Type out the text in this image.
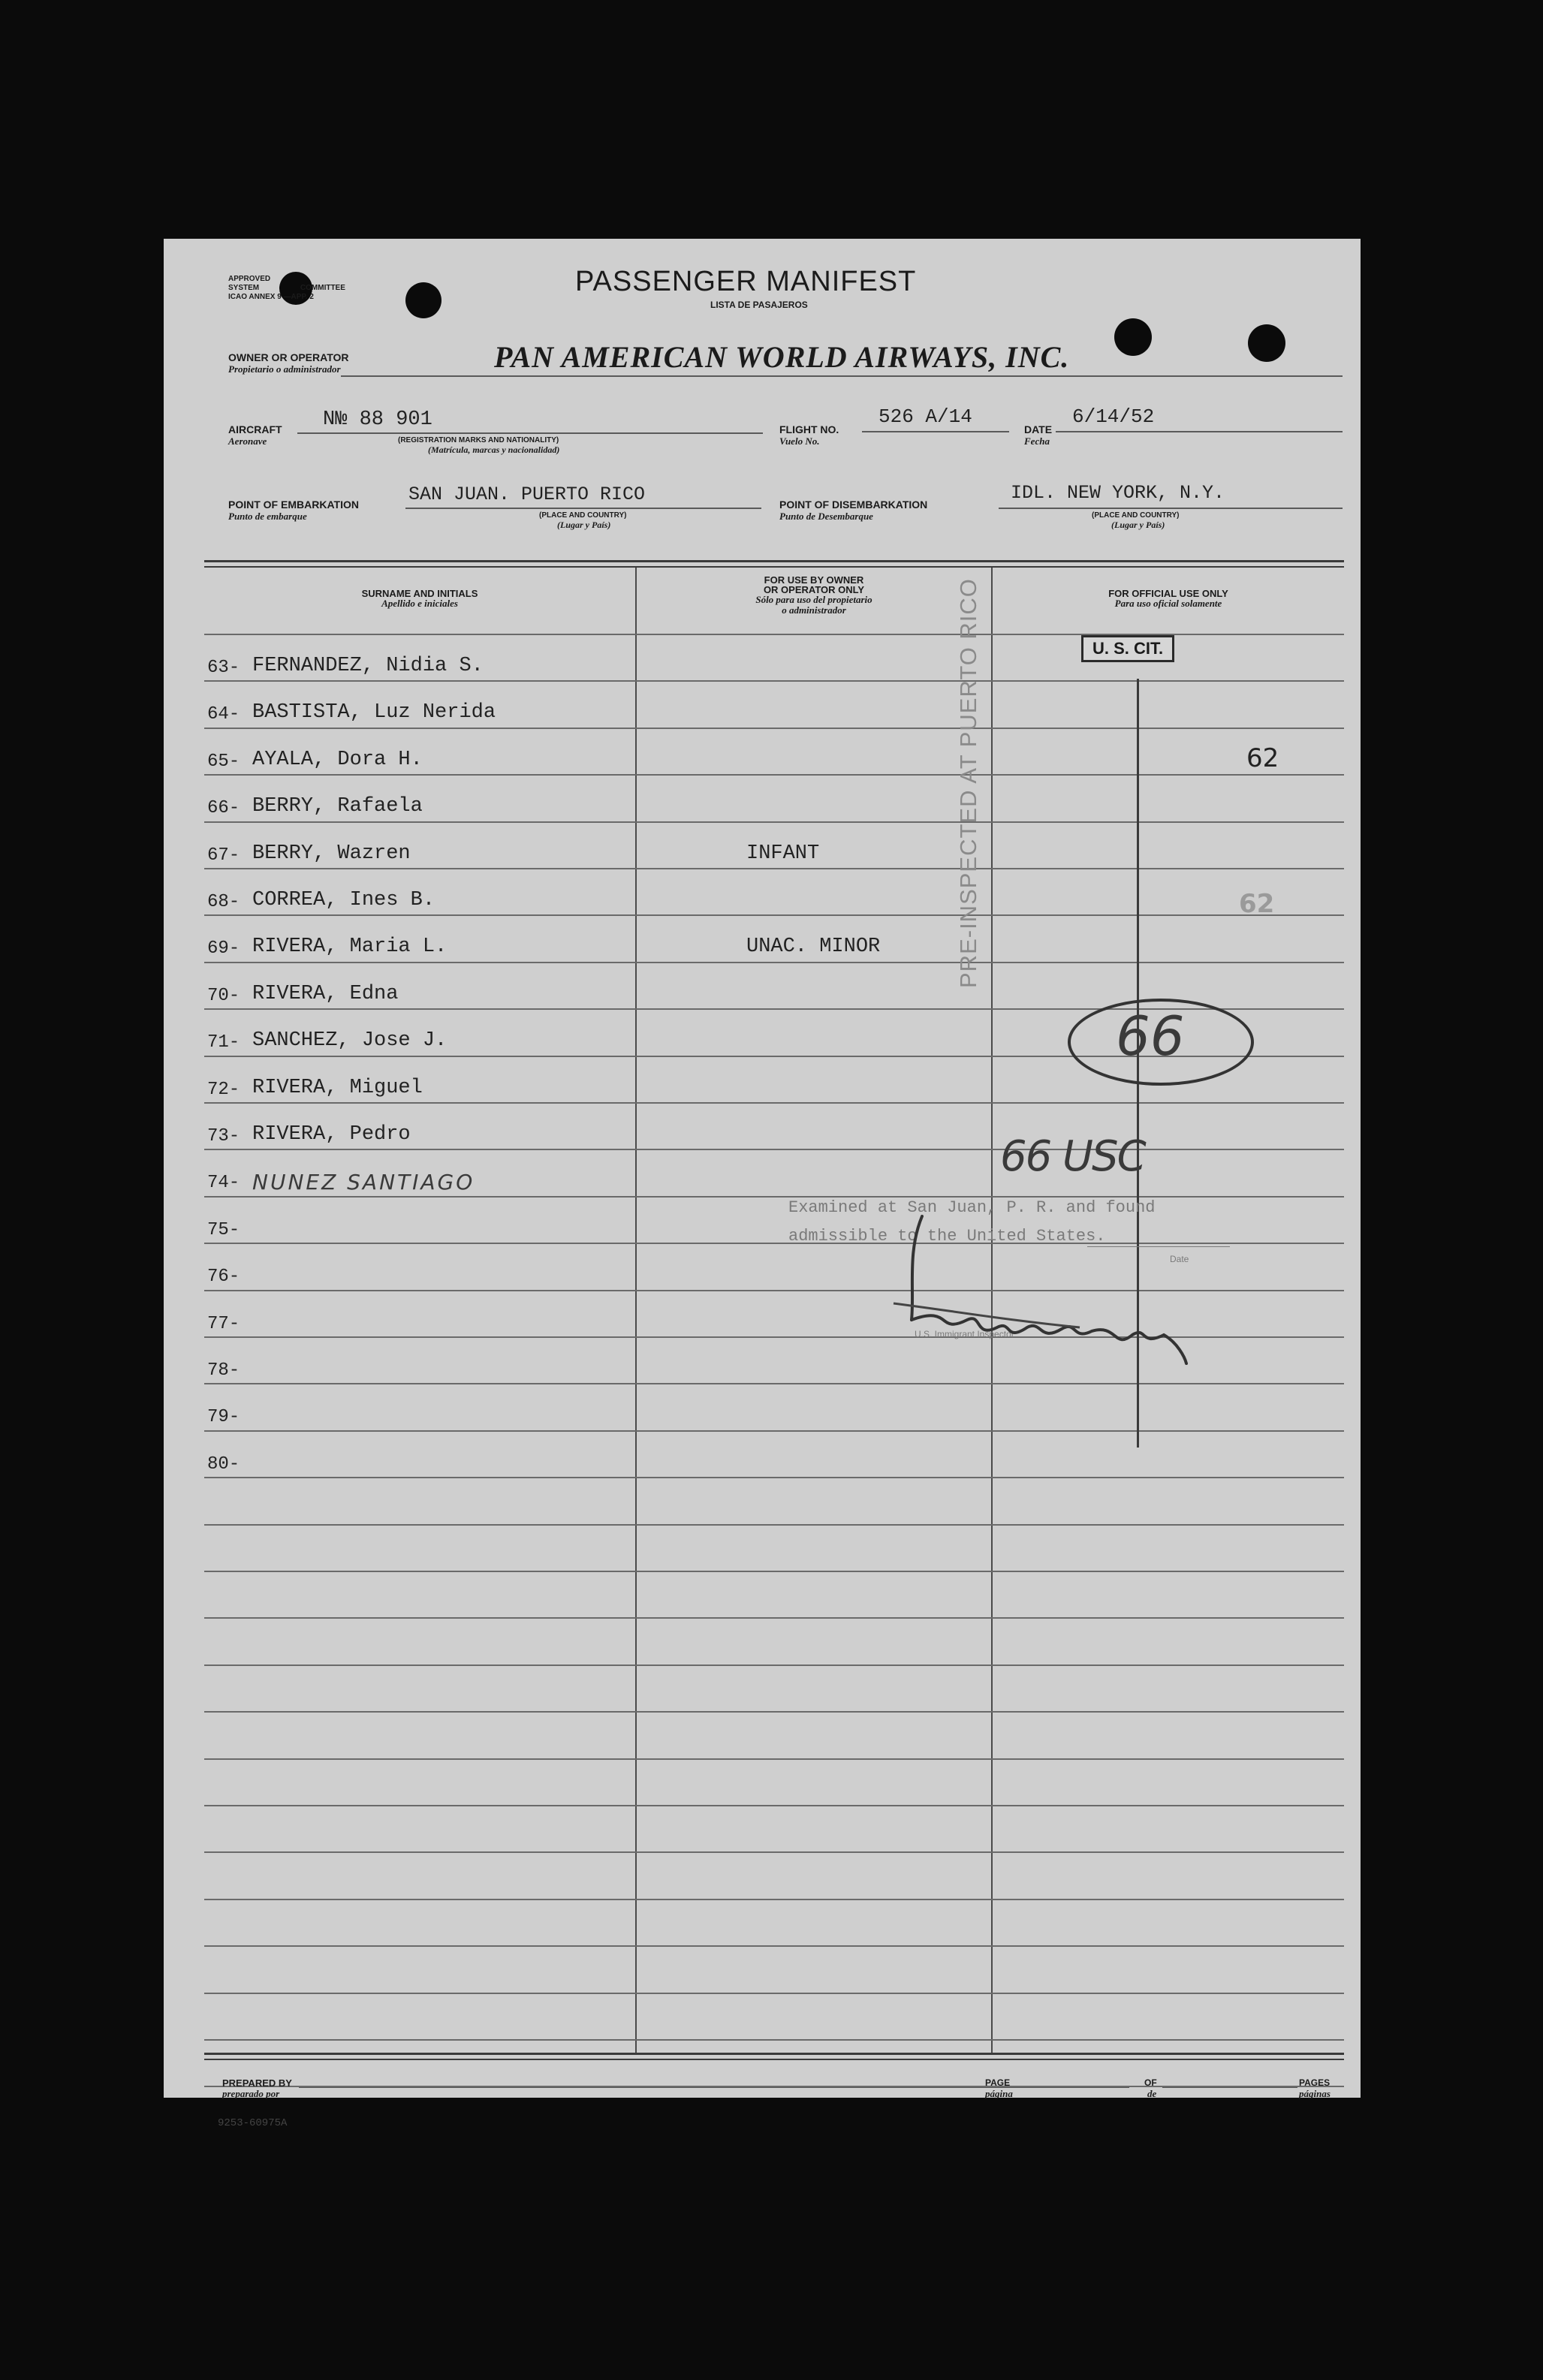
APPROVED
SYSTEM	COMMITTEE
ICAO ANNEX 9 —APP. 2	PASSENGER MANIFEST
LISTA DE PASAJEROS
OWNER OR OPERATOR
Propietario o administrador	PAN AMERICAN WORLD AIRWAYS, INC.
AIRCRAFT
Aeronave
N№ 88 901
(REGISTRATION MARKS AND NATIONALITY)
(Matrícula, marcas y nacionalidad)
FLIGHT NO.
Vuelo No.
526 A/14
DATE
Fecha
6/14/52
POINT OF EMBARKATION
Punto de embarque
SAN JUAN. PUERTO RICO
(PLACE AND COUNTRY)
(Lugar y País)
POINT OF DISEMBARKATION
Punto de Desembarque
IDL. NEW YORK, N.Y.
(PLACE AND COUNTRY)
(Lugar y País)
SURNAME AND INITIALS
Apellido e iniciales
FOR USE BY OWNER
OR OPERATOR ONLY
Sólo para uso del propietario
o administrador
FOR OFFICIAL USE ONLY
Para uso oficial solamente
63- FERNANDEZ, Nidia S.
64- BASTISTA, Luz Nerida
65- AYALA, Dora H.
66- BERRY, Rafaela
67- BERRY, Wazren	INFANT
68- CORREA, Ines B.
69- RIVERA, Maria L.	UNAC. MINOR
70- RIVERA, Edna
71- SANCHEZ, Jose J.
72- RIVERA, Miguel
73- RIVERA, Pedro
74- NUNEZ SANTIAGO
75-
76-
77-
78-
79-
80-
U. S. CIT.
PRE-INSPECTED AT PUERTO RICO	62
62
66
66 USC
Examined at San Juan, P. R. and found
admissible to the United States.
Date
U.S. Immigrant Inspector
PREPARED BY
preparado por
PAGE
página
OF
de
PAGES
páginas
9253-60975A
